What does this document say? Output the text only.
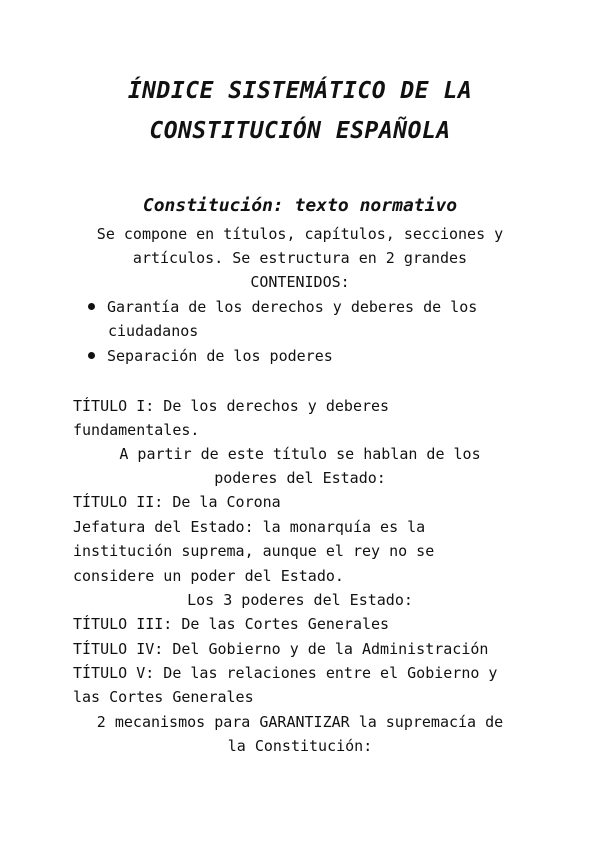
ÍNDICE SISTEMÁTICO DE LA
CONSTITUCIÓN ESPAÑOLA
Constitución: texto normativo
Se compone en títulos, capítulos, secciones y
artículos. Se estructura en 2 grandes
CONTENIDOS:
Garantía de los derechos y deberes de los
ciudadanos
Separación de los poderes
TÍTULO I: De los derechos y deberes
fundamentales.
A partir de este título se hablan de los
poderes del Estado:
TÍTULO II: De la Corona
Jefatura del Estado: la monarquía es la
institución suprema, aunque el rey no se
considere un poder del Estado.
Los 3 poderes del Estado:
TÍTULO III: De las Cortes Generales
TÍTULO IV: Del Gobierno y de la Administración
TÍTULO V: De las relaciones entre el Gobierno y
las Cortes Generales
2 mecanismos para GARANTIZAR la supremacía de
la Constitución:
